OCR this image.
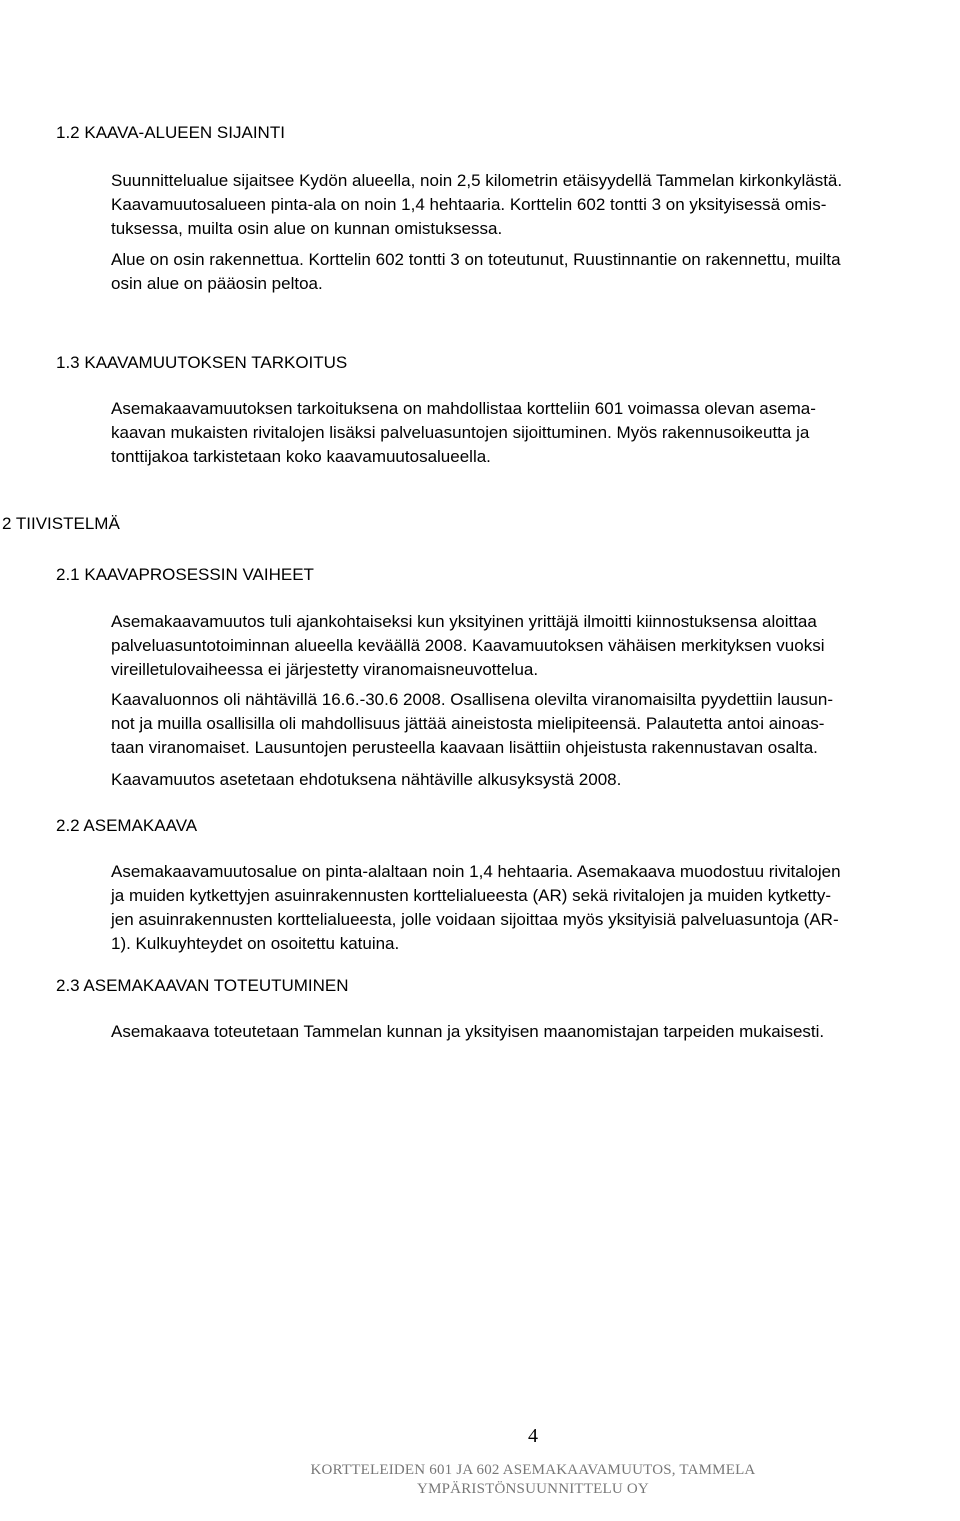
1.2 KAAVA-ALUEEN SIJAINTI
Suunnittelualue sijaitsee Kydön alueella, noin 2,5 kilometrin etäisyydellä Tammelan kirkonkylästä.
Kaavamuutosalueen pinta-ala on noin 1,4 hehtaaria. Korttelin 602 tontti 3 on yksityisessä omis-
tuksessa, muilta osin alue on kunnan omistuksessa.
Alue on osin rakennettua. Korttelin 602 tontti 3 on toteutunut, Ruustinnantie on rakennettu, muilta
osin alue on pääosin peltoa.
1.3 KAAVAMUUTOKSEN TARKOITUS
Asemakaavamuutoksen tarkoituksena on mahdollistaa kortteliin 601 voimassa olevan asema-
kaavan mukaisten rivitalojen lisäksi palveluasuntojen sijoittuminen. Myös rakennusoikeutta ja
tonttijakoa tarkistetaan koko kaavamuutosalueella.
2 TIIVISTELMÄ
2.1 KAAVAPROSESSIN VAIHEET
Asemakaavamuutos tuli ajankohtaiseksi kun yksityinen yrittäjä ilmoitti kiinnostuksensa aloittaa
palveluasuntotoiminnan alueella keväällä 2008. Kaavamuutoksen vähäisen merkityksen vuoksi
vireilletulovaiheessa ei järjestetty viranomaisneuvottelua.
Kaavaluonnos oli nähtävillä 16.6.-30.6 2008. Osallisena olevilta viranomaisilta pyydettiin lausun-
not ja muilla osallisilla oli mahdollisuus jättää aineistosta mielipiteensä. Palautetta antoi ainoas-
taan viranomaiset. Lausuntojen perusteella kaavaan lisättiin ohjeistusta rakennustavan osalta.
Kaavamuutos asetetaan ehdotuksena nähtäville alkusyksystä 2008.
2.2 ASEMAKAAVA
Asemakaavamuutosalue on pinta-alaltaan noin 1,4 hehtaaria. Asemakaava muodostuu rivitalojen
ja muiden kytkettyjen asuinrakennusten korttelialueesta (AR) sekä rivitalojen ja muiden kytketty-
jen asuinrakennusten korttelialueesta, jolle voidaan sijoittaa myös yksityisiä palveluasuntoja (AR-
1). Kulkuyhteydet on osoitettu katuina.
2.3 ASEMAKAAVAN TOTEUTUMINEN
Asemakaava toteutetaan Tammelan kunnan ja yksityisen maanomistajan tarpeiden mukaisesti.
4
KORTTELEIDEN 601 JA 602 ASEMAKAAVAMUUTOS, TAMMELA
YMPÄRISTÖNSUUNNITTELU OY
